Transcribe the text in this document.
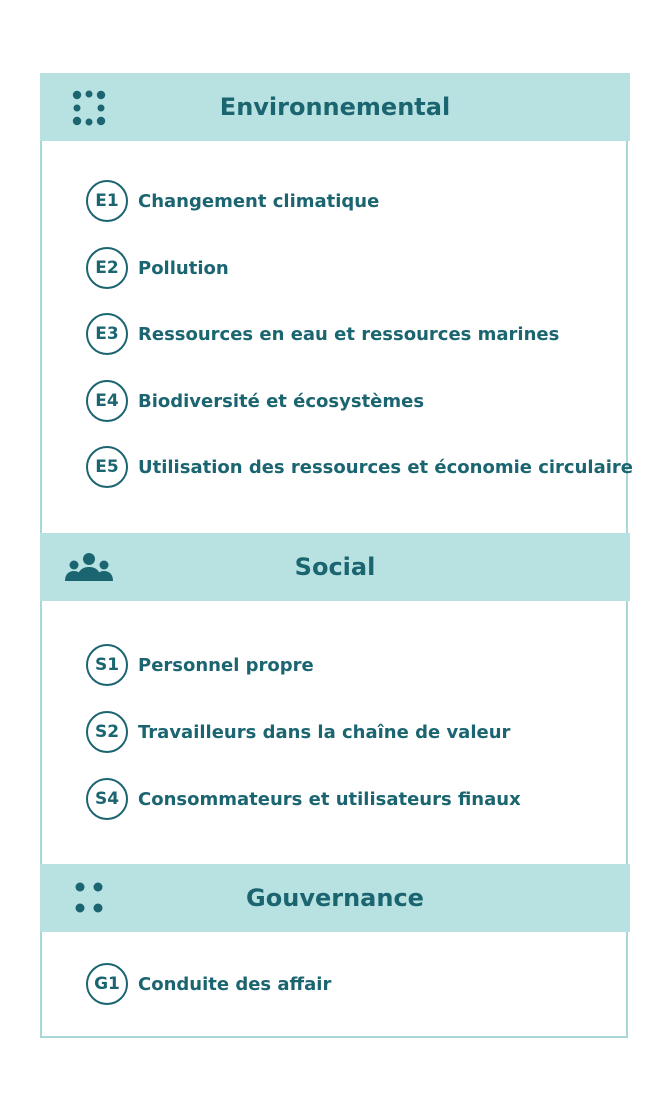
Environnemental
E1	Changement climatique
E2	Pollution
E3	Ressources en eau et ressources marines
E4	Biodiversité et écosystèmes
E5	Utilisation des ressources et économie circulaire
Social
S1	Personnel propre
S2	Travailleurs dans la chaîne de valeur
S4	Consommateurs et utilisateurs finaux
Gouvernance
G1	Conduite des affair
